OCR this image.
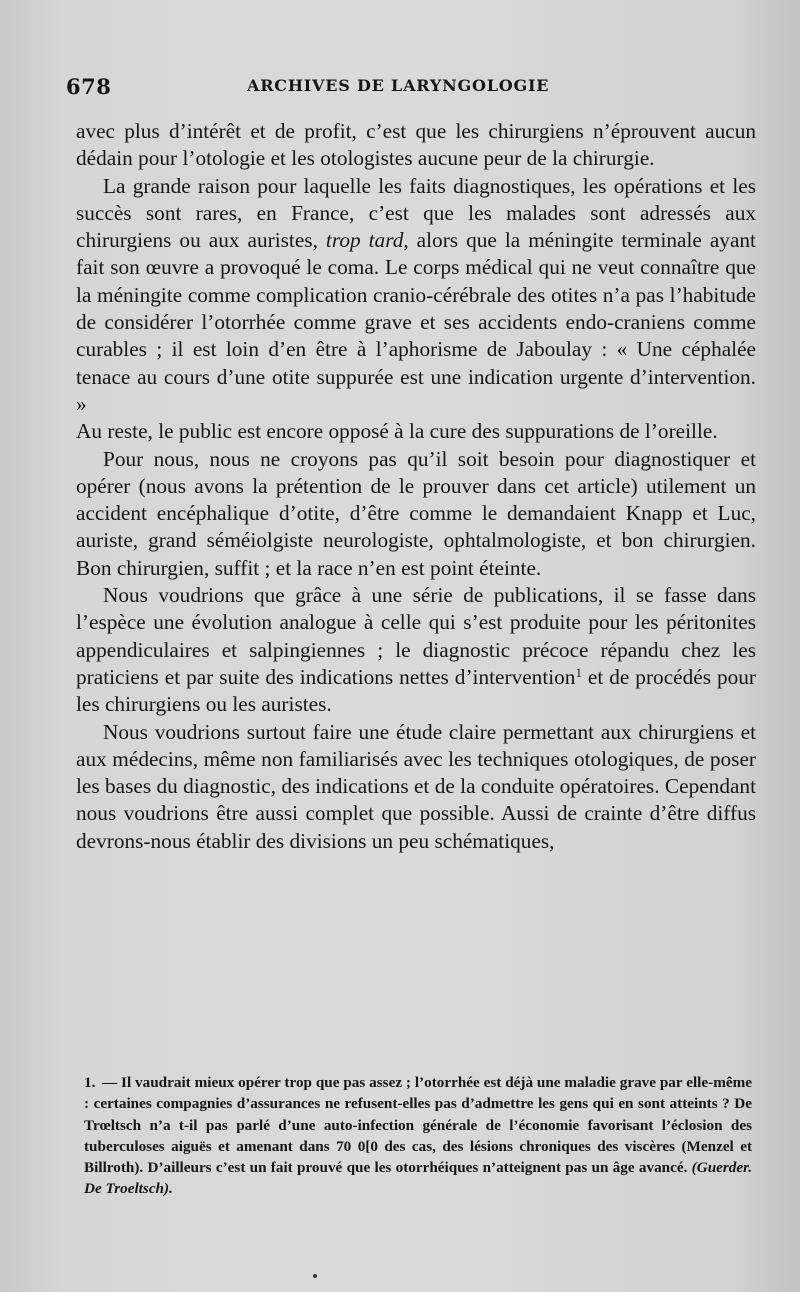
678	ARCHIVES DE LARYNGOLOGIE

avec plus d’intérêt et de profit, c’est que les chirurgiens n’éprouvent aucun dédain pour l’otologie et les otologistes aucune peur de la chirurgie.

La grande raison pour laquelle les faits diagnostiques, les opérations et les succès sont rares, en France, c’est que les malades sont adressés aux chirurgiens ou aux auristes, trop tard, alors que la méningite terminale ayant fait son œuvre a provoqué le coma. Le corps médical qui ne veut connaître que la méningite comme complication cranio-cérébrale des otites n’a pas l’habitude de considérer l’otorrhée comme grave et ses accidents endo-craniens comme curables ; il est loin d’en être à l’aphorisme de Jaboulay : « Une céphalée tenace au cours d’une otite suppurée est une indication urgente d’intervention. »

Au reste, le public est encore opposé à la cure des suppurations de l’oreille.

Pour nous, nous ne croyons pas qu’il soit besoin pour diagnostiquer et opérer (nous avons la prétention de le prouver dans cet article) utilement un accident encéphalique d’otite, d’être comme le demandaient Knapp et Luc, auriste, grand séméiolgiste neurologiste, ophtalmologiste, et bon chirurgien. Bon chirurgien, suffit ; et la race n’en est point éteinte.

Nous voudrions que grâce à une série de publications, il se fasse dans l’espèce une évolution analogue à celle qui s’est produite pour les péritonites appendiculaires et salpingiennes ; le diagnostic précoce répandu chez les praticiens et par suite des indications nettes d’intervention$^1$ et de procédés pour les chirurgiens ou les auristes.

Nous voudrions surtout faire une étude claire permettant aux chirurgiens et aux médecins, même non familiarisés avec les techniques otologiques, de poser les bases du diagnostic, des indications et de la conduite opératoires. Cependant nous voudrions être aussi complet que possible. Aussi de crainte d’être diffus devrons-nous établir des divisions un peu schématiques,

1. — Il vaudrait mieux opérer trop que pas assez ; l’otorrhée est déjà une maladie grave par elle-même : certaines compagnies d’assurances ne refusent-elles pas d’admettre les gens qui en sont atteints ? De Trœltsch n’a t-il pas parlé d’une auto-infection générale de l’économie favorisant l’éclosion des tuberculoses aiguës et amenant dans 70 0[0 des cas, des lésions chroniques des viscères (Menzel et Billroth). D’ailleurs c’est un fait prouvé que les otorrhéiques n’atteignent pas un âge avancé. (Guerder. De Troeltsch).
